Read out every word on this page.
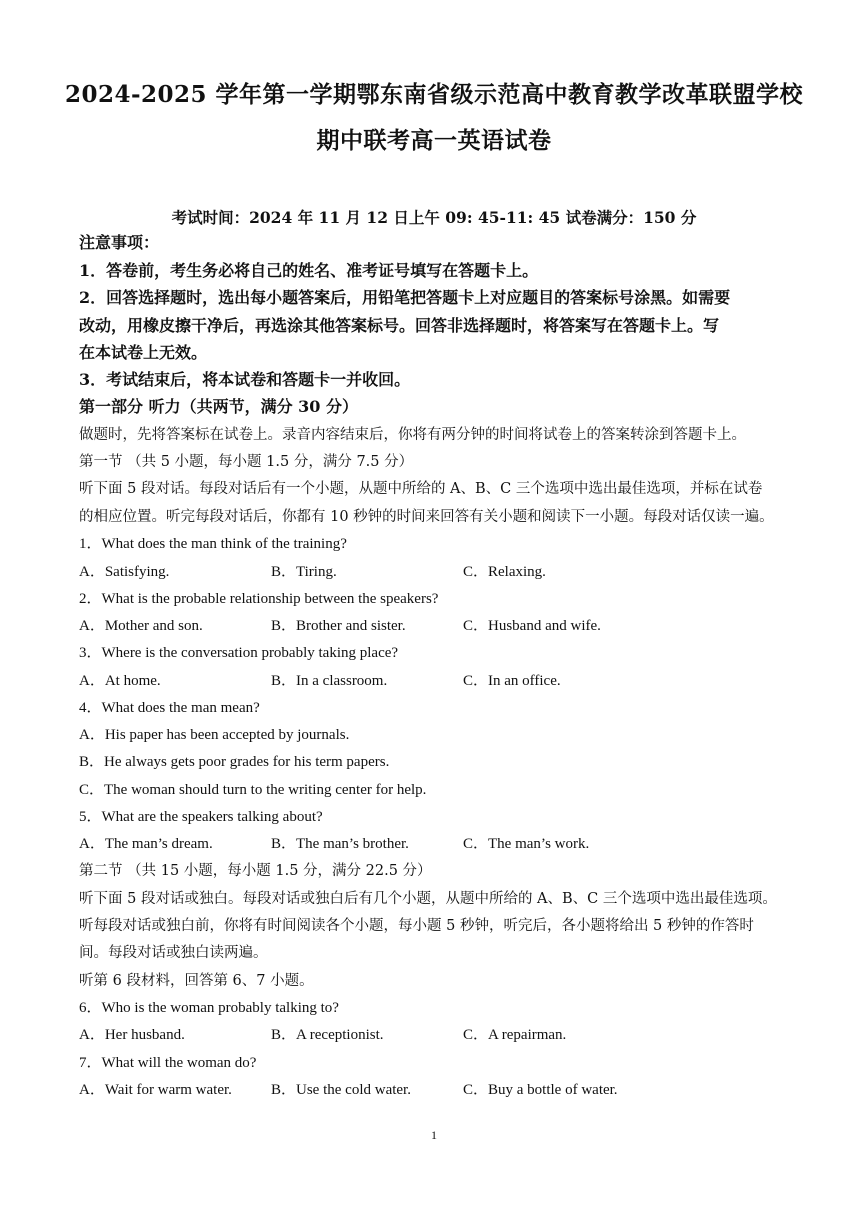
2024-2025 学年第一学期鄂东南省级示范高中教育教学改革联盟学校
期中联考高一英语试卷
考试时间：2024 年 11 月 12 日上午 09: 45-11: 45 试卷满分：150 分
注意事项：
1．答卷前，考生务必将自己的姓名、准考证号填写在答题卡上。
2．回答选择题时，选出每小题答案后，用铅笔把答题卡上对应题目的答案标号涂黑。如需要
改动，用橡皮擦干净后，再选涂其他答案标号。回答非选择题时，将答案写在答题卡上。写
在本试卷上无效。
3．考试结束后，将本试卷和答题卡一并收回。
第一部分 听力（共两节，满分 30 分）
做题时，先将答案标在试卷上。录音内容结束后，你将有两分钟的时间将试卷上的答案转涂到答题卡上。
第一节 （共 5 小题，每小题 1.5 分，满分 7.5 分）
听下面 5 段对话。每段对话后有一个小题，从题中所给的 A、B、C 三个选项中选出最佳选项，并标在试卷
的相应位置。听完每段对话后，你都有 10 秒钟的时间来回答有关小题和阅读下一小题。每段对话仅读一遍。
1．What does the man think of the training?
A．Satisfying.	B．Tiring.	C．Relaxing.
2．What is the probable relationship between the speakers?
A．Mother and son.	B．Brother and sister.	C．Husband and wife.
3．Where is the conversation probably taking place?
A．At home.	B．In a classroom.	C．In an office.
4．What does the man mean?
A．His paper has been accepted by journals.
B．He always gets poor grades for his term papers.
C．The woman should turn to the writing center for help.
5．What are the speakers talking about?
A．The man’s dream.	B．The man’s brother.	C．The man’s work.
第二节 （共 15 小题，每小题 1.5 分，满分 22.5 分）
听下面 5 段对话或独白。每段对话或独白后有几个小题，从题中所给的 A、B、C 三个选项中选出最佳选项。
听每段对话或独白前，你将有时间阅读各个小题，每小题 5 秒钟，听完后，各小题将给出 5 秒钟的作答时
间。每段对话或独白读两遍。
听第 6 段材料，回答第 6、7 小题。
6．Who is the woman probably talking to?
A．Her husband.	B．A receptionist.	C．A repairman.
7．What will the woman do?
A．Wait for warm water.	B．Use the cold water.	C．Buy a bottle of water.
1
